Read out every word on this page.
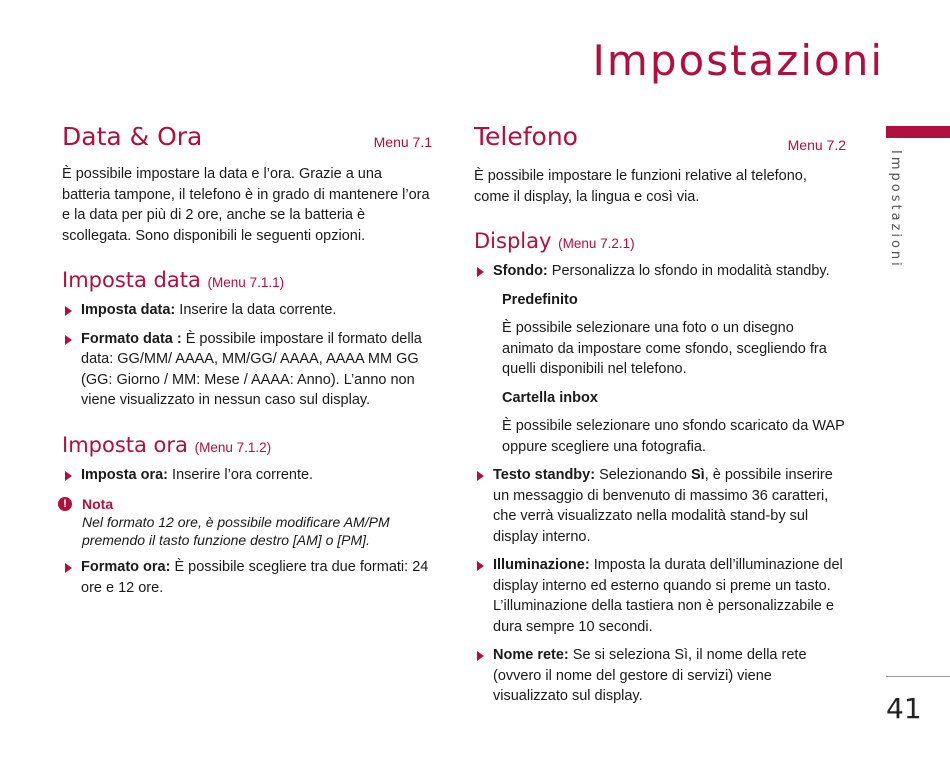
Impostazioni
Data & Ora	Menu 7.1

È possibile impostare la data e l’ora. Grazie a una batteria tampone, il telefono è in grado di mantenere l’ora e la data per più di 2 ore, anche se la batteria è scollegata. Sono disponibili le seguenti opzioni.

Imposta data (Menu 7.1.1)
Imposta data: Inserire la data corrente.
Formato data : È possibile impostare il formato della data: GG/MM/ AAAA, MM/GG/ AAAA, AAAA MM GG (GG: Giorno / MM: Mese / AAAA: Anno). L’anno non viene visualizzato in nessun caso sul display.
Imposta ora (Menu 7.1.2)
Imposta ora: Inserire l’ora corrente.
!	Nota
Nel formato 12 ore, è possibile modificare AM/PM premendo il tasto funzione destro [AM] o [PM].
Formato ora: È possibile scegliere tra due formati: 24 ore e 12 ore.
Telefono	Menu 7.2

È possibile impostare le funzioni relative al telefono, come il display, la lingua e così via.

Display (Menu 7.2.1)
Sfondo: Personalizza lo sfondo in modalità standby.
Predefinito
È possibile selezionare una foto o un disegno animato da impostare come sfondo, scegliendo fra quelli disponibili nel telefono.
Cartella inbox
È possibile selezionare uno sfondo scaricato da WAP oppure scegliere una fotografia.
Testo standby: Selezionando Sì, è possibile inserire un messaggio di benvenuto di massimo 36 caratteri, che verrà visualizzato nella modalità stand-by sul display interno.
Illuminazione: Imposta la durata dell’illuminazione del display interno ed esterno quando si preme un tasto. L’illuminazione della tastiera non è personalizzabile e dura sempre 10 secondi.
Nome rete: Se si seleziona Sì, il nome della rete (ovvero il nome del gestore di servizi) viene visualizzato sul display.
Impostazioni
41
